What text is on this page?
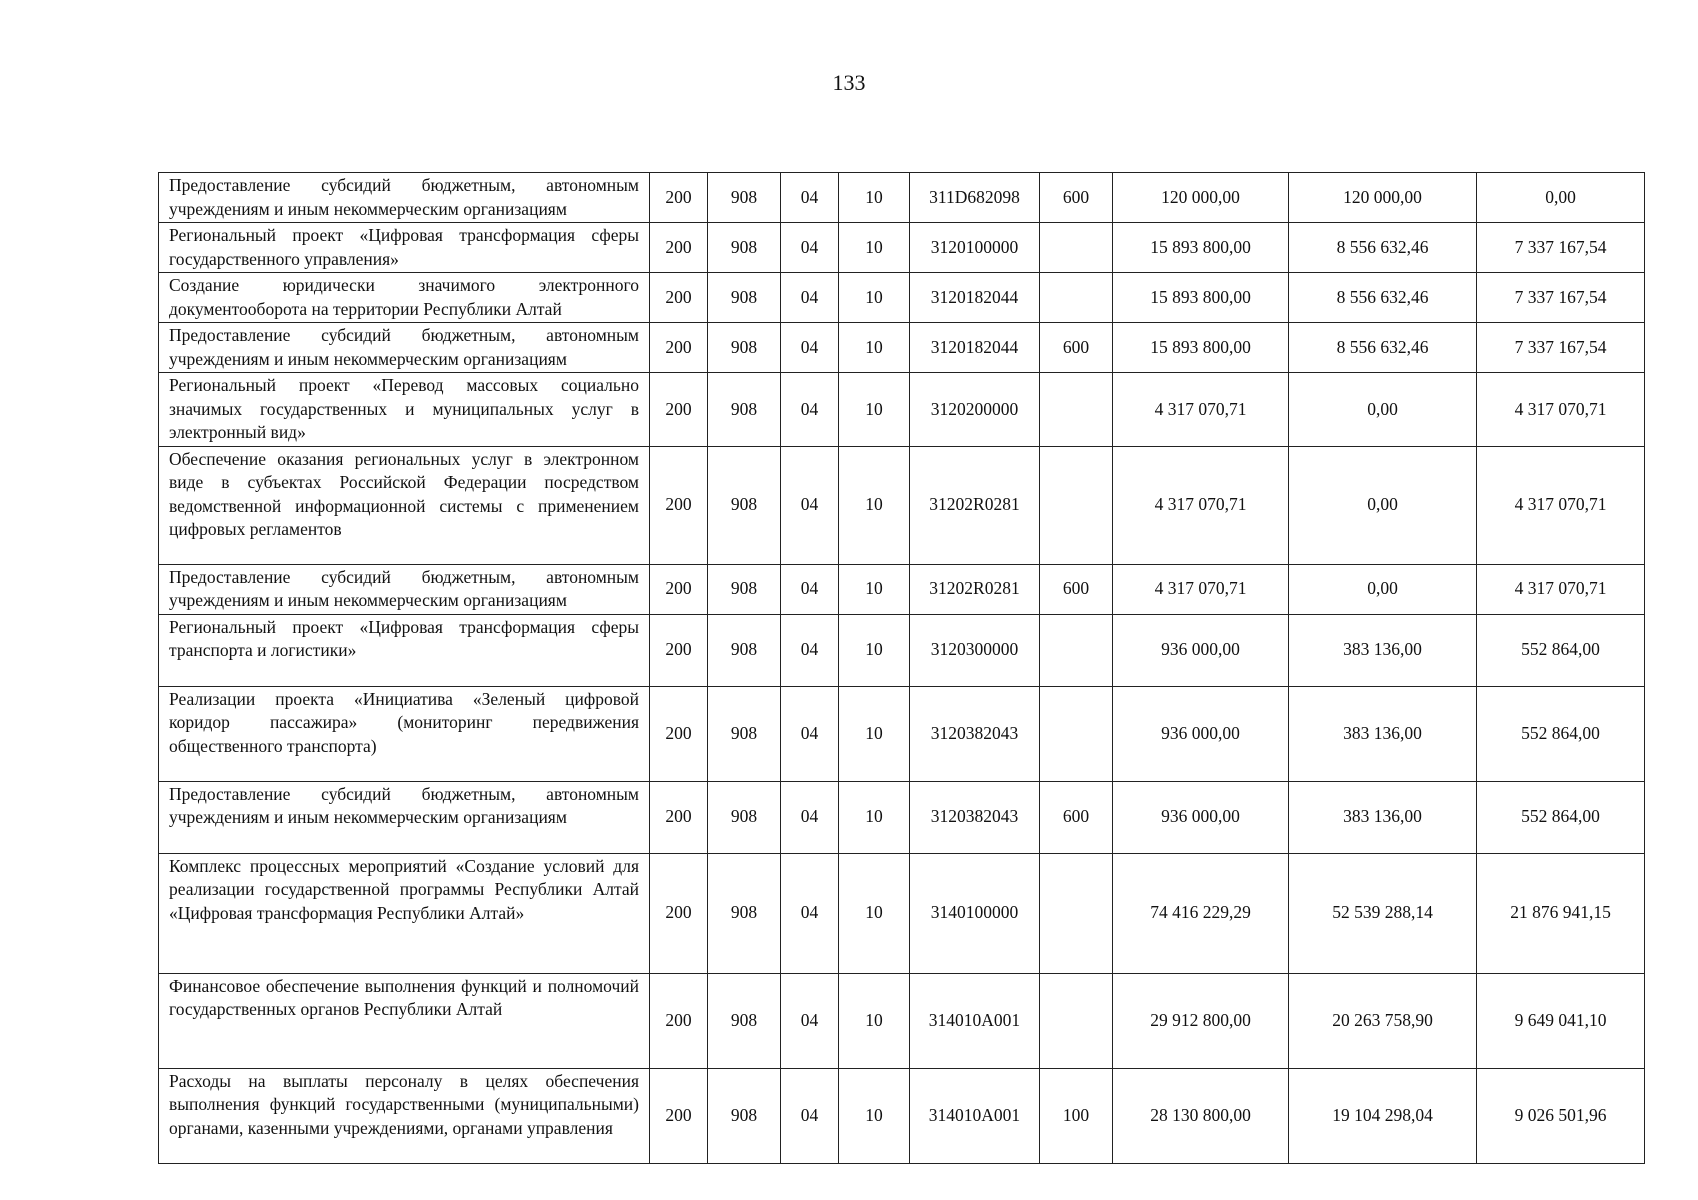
133
Предоставление субсидий бюджетным, автономным учреждениям и иным некоммерческим организациям	200	908	04	10	311D682098	600	120 000,00	120 000,00	0,00
Региональный проект «Цифровая трансформация сферы государственного управления»	200	908	04	10	3120100000		15 893 800,00	8 556 632,46	7 337 167,54
Создание юридически значимого электронного документооборота на территории Республики Алтай	200	908	04	10	3120182044		15 893 800,00	8 556 632,46	7 337 167,54
Предоставление субсидий бюджетным, автономным учреждениям и иным некоммерческим организациям	200	908	04	10	3120182044	600	15 893 800,00	8 556 632,46	7 337 167,54
Региональный проект «Перевод массовых социально значимых государственных и муниципальных услуг в электронный вид»	200	908	04	10	3120200000		4 317 070,71	0,00	4 317 070,71
Обеспечение оказания региональных услуг в электронном виде в субъектах Российской Федерации посредством ведомственной информационной системы с применением цифровых регламентов	200	908	04	10	31202R0281		4 317 070,71	0,00	4 317 070,71
Предоставление субсидий бюджетным, автономным учреждениям и иным некоммерческим организациям	200	908	04	10	31202R0281	600	4 317 070,71	0,00	4 317 070,71
Региональный проект «Цифровая трансформация сферы транспорта и логистики»	200	908	04	10	3120300000		936 000,00	383 136,00	552 864,00
Реализации проекта «Инициатива «Зеленый цифровой коридор пассажира» (мониторинг передвижения общественного транспорта)	200	908	04	10	3120382043		936 000,00	383 136,00	552 864,00
Предоставление субсидий бюджетным, автономным учреждениям и иным некоммерческим организациям	200	908	04	10	3120382043	600	936 000,00	383 136,00	552 864,00
Комплекс процессных мероприятий «Создание условий для реализации государственной программы Республики Алтай «Цифровая трансформация Республики Алтай»	200	908	04	10	3140100000		74 416 229,29	52 539 288,14	21 876 941,15
Финансовое обеспечение выполнения функций и полномочий государственных органов Республики Алтай	200	908	04	10	314010A001		29 912 800,00	20 263 758,90	9 649 041,10
Расходы на выплаты персоналу в целях обеспечения выполнения функций государственными (муниципальными) органами, казенными учреждениями, органами управления	200	908	04	10	314010A001	100	28 130 800,00	19 104 298,04	9 026 501,96
